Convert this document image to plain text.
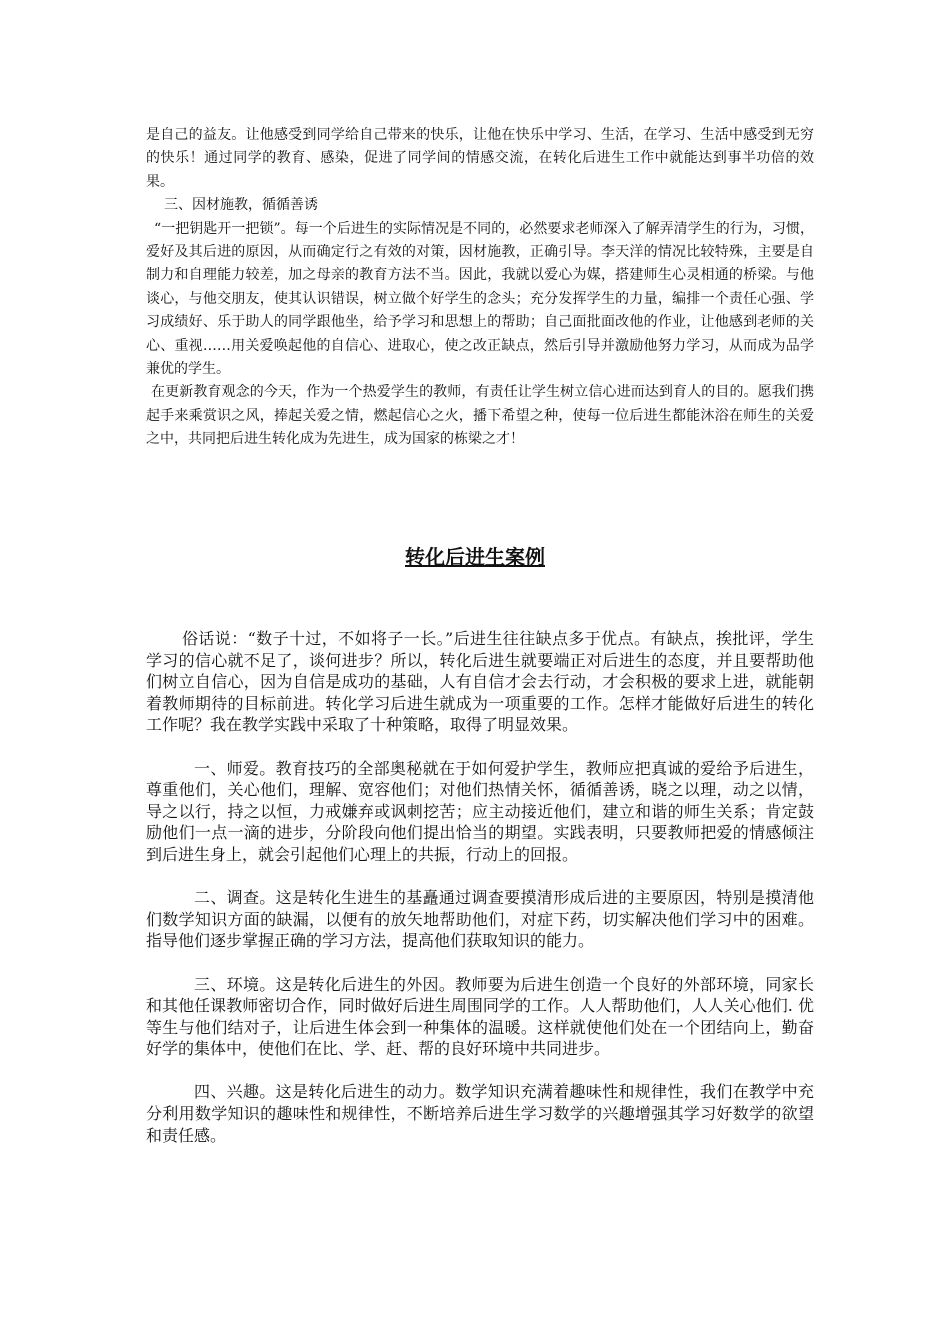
是自己的益友。让他感受到同学给自己带来的快乐，让他在快乐中学习、生活，在学习、生活中感受到无穷的快乐！通过同学的教育、感染，促进了同学间的情感交流，在转化后进生工作中就能达到事半功倍的效果。

三、因材施教，循循善诱

“一把钥匙开一把锁”。每一个后进生的实际情况是不同的，必然要求老师深入了解弄清学生的行为，习惯，爱好及其后进的原因，从而确定行之有效的对策，因材施教，正确引导。李天洋的情况比较特殊，主要是自制力和自理能力较差，加之母亲的教育方法不当。因此，我就以爱心为媒，搭建师生心灵相通的桥梁。与他谈心，与他交朋友，使其认识错误，树立做个好学生的念头；充分发挥学生的力量，编排一个责任心强、学习成绩好、乐于助人的同学跟他坐，给予学习和思想上的帮助；自己面批面改他的作业，让他感到老师的关心、重视……用关爱唤起他的自信心、进取心，使之改正缺点，然后引导并激励他努力学习，从而成为品学兼优的学生。

在更新教育观念的今天，作为一个热爱学生的教师，有责任让学生树立信心进而达到育人的目的。愿我们携起手来乘赏识之风，捧起关爱之情，燃起信心之火，播下希望之种，使每一位后进生都能沐浴在师生的关爱之中，共同把后进生转化成为先进生，成为国家的栋梁之才！

转化后进生案例

俗话说：“数子十过，不如将子一长。”后进生往往缺点多于优点。有缺点，挨批评，学生学习的信心就不足了，谈何进步？所以，转化后进生就要端正对后进生的态度，并且要帮助他们树立自信心，因为自信是成功的基础，人有自信才会去行动，才会积极的要求上进，就能朝着教师期待的目标前进。转化学习后进生就成为一项重要的工作。怎样才能做好后进生的转化工作呢？我在教学实践中采取了十种策略，取得了明显效果。

一、师爱。教育技巧的全部奥秘就在于如何爱护学生，教师应把真诚的爱给予后进生，尊重他们，关心他们，理解、宽容他们；对他们热情关怀，循循善诱，晓之以理，动之以情，导之以行，持之以恒，力戒嫌弃或讽刺挖苦；应主动接近他们，建立和谐的师生关系；肯定鼓励他们一点一滴的进步，分阶段向他们提出恰当的期望。实践表明，只要教师把爱的情感倾注到后进生身上，就会引起他们心理上的共振，行动上的回报。

二、调查。这是转化生进生的基矗通过调查要摸清形成后进的主要原因，特别是摸清他们数学知识方面的缺漏，以便有的放矢地帮助他们，对症下药，切实解决他们学习中的困难。指导他们逐步掌握正确的学习方法，提高他们获取知识的能力。

三、环境。这是转化后进生的外因。教师要为后进生创造一个良好的外部环境，同家长和其他任课教师密切合作，同时做好后进生周围同学的工作。人人帮助他们，人人关心他们. 优等生与他们结对子，让后进生体会到一种集体的温暖。这样就使他们处在一个团结向上，勤奋好学的集体中，使他们在比、学、赶、帮的良好环境中共同进步。

四、兴趣。这是转化后进生的动力。数学知识充满着趣味性和规律性，我们在教学中充分利用数学知识的趣味性和规律性，不断培养后进生学习数学的兴趣增强其学习好数学的欲望和责任感。
